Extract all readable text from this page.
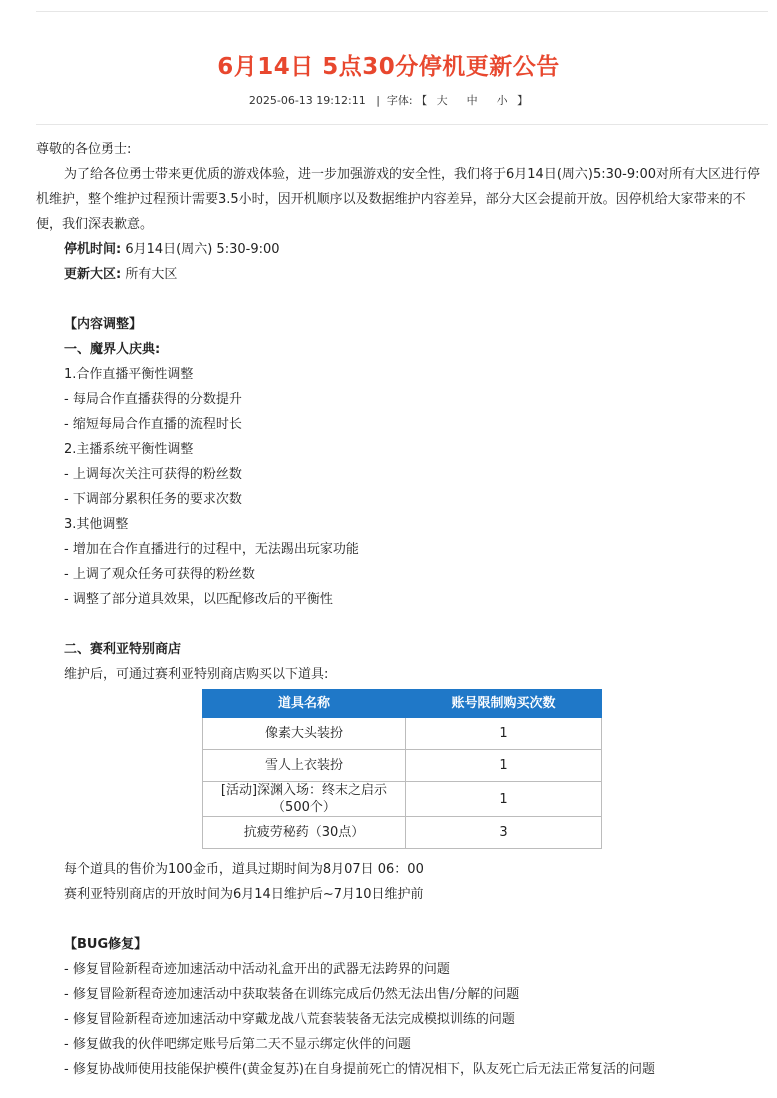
6月14日 5点30分停机更新公告
2025-06-13 19:12:11 | 字体: 【 大 中 小 】

尊敬的各位勇士:

为了给各位勇士带来更优质的游戏体验，进一步加强游戏的安全性，我们将于6月14日(周六)5:30-9:00对所有大区进行停机维护，整个维护过程预计需要3.5小时，因开机顺序以及数据维护内容差异，部分大区会提前开放。因停机给大家带来的不便，我们深表歉意。

停机时间: 6月14日(周六) 5:30-9:00

更新大区: 所有大区

【内容调整】

一、魔界人庆典:

1.合作直播平衡性调整

- 每局合作直播获得的分数提升

- 缩短每局合作直播的流程时长

2.主播系统平衡性调整

- 上调每次关注可获得的粉丝数

- 下调部分累积任务的要求次数

3.其他调整

- 增加在合作直播进行的过程中，无法踢出玩家功能

- 上调了观众任务可获得的粉丝数

- 调整了部分道具效果，以匹配修改后的平衡性

二、赛利亚特别商店

维护后，可通过赛利亚特别商店购买以下道具:

道具名称	账号限制购买次数
像素大头装扮	1
雪人上衣装扮	1
[活动]深渊入场：终末之启示（500个）	1
抗疲劳秘药（30点）	3

每个道具的售价为100金币，道具过期时间为8月07日 06：00

赛利亚特别商店的开放时间为6月14日维护后~7月10日维护前

【BUG修复】

- 修复冒险新程奇迹加速活动中活动礼盒开出的武器无法跨界的问题

- 修复冒险新程奇迹加速活动中获取装备在训练完成后仍然无法出售/分解的问题

- 修复冒险新程奇迹加速活动中穿戴龙战八荒套装装备无法完成模拟训练的问题

- 修复做我的伙伴吧绑定账号后第二天不显示绑定伙伴的问题

- 修复协战师使用技能保护模件(黄金复苏)在自身提前死亡的情况相下，队友死亡后无法正常复活的问题
